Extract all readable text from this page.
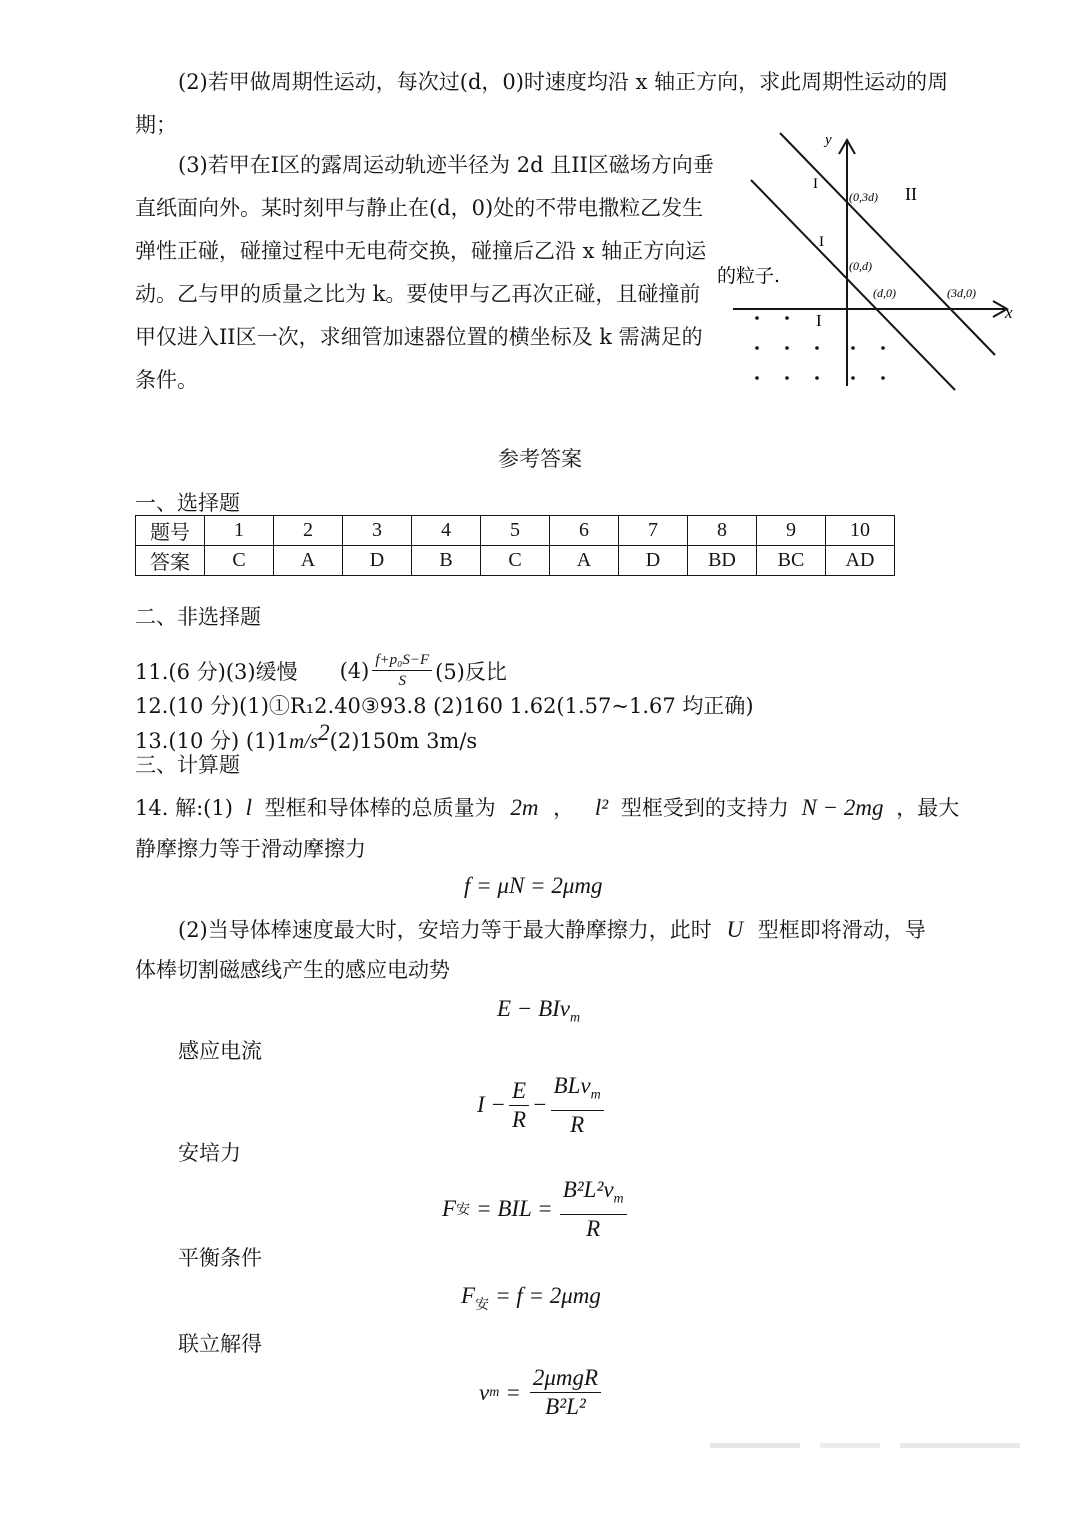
(2)若甲做周期性运动，每次过(d，0)时速度均沿 x 轴正方向，求此周期性运动的周
期；
(3)若甲在I区的露周运动轨迹半径为 2d 且II区磁场方向垂
直纸面向外。某时刻甲与静止在(d，0)处的不带电撒粒乙发生
弹性正碰，碰撞过程中无电荷交换，碰撞后乙沿 x 轴正方向运
动。乙与甲的质量之比为 k。要使甲与乙再次正碰，且碰撞前
甲仅进入II区一次，求细管加速器位置的横坐标及 k 需满足的
条件。
y
x
II
I
I
I
(0,3d)
(0,d)
(d,0)	(3d,0)
的粒子.
参考答案
一、选择题
题号	1	2	3	4	5	6	7	8	9	10
答案	C	A	D	B	C	A	D	BD	BC	AD
二、非选择题
11.(6 分)(3)缓慢 $(4) \frac{\text{f+p₀S−F}}{S} (5)$反比
12.(10 分)(1)①R₁2.40③93.8 (2)160 1.62(1.57~1.67 均正确)
13.(10 分) $(1)1m/s^2(2)150m$ 3m/s
三、计算题
14. 解:(1) l 型框和导体棒的总质量为 2m ， l² 型框受到的支持力 N − 2mg ，最大
静摩擦力等于滑动摩擦力
f = μN = 2μmg
(2)当导体棒速度最大时，安培力等于最大静摩擦力，此时 U 型框即将滑动，导
体棒切割磁感线产生的感应电动势
E − BIv$_m$
感应电流
$I - \frac{E}{R} - \frac{BLv_m}{R}$
安培力
F 安 = BIL = $\frac{B^2L^2v_m}{R}$
平衡条件
$F_安 = f = 2\mu mg$
联立解得
v $m = \frac{\text{2μmgR}}{\text{B²L²}}$
